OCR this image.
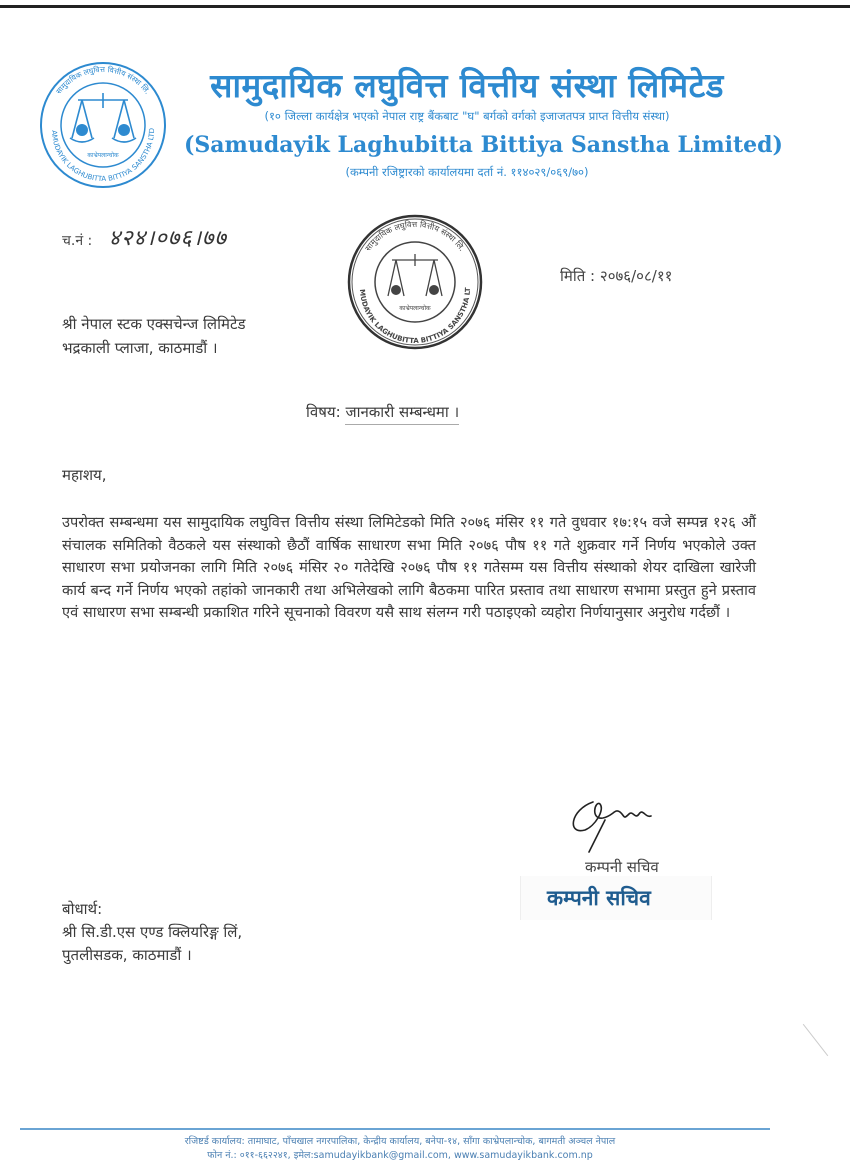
सामुदायिक लघुवित्त वित्तीय संस्था लि.
AMUDAYIK LAGHUBITTA BITTIYA SANSTHA LTD
काभ्रेपलान्चोक
सामुदायिक लघुवित्त वित्तीय संस्था लिमिटेड
(१० जिल्ला कार्यक्षेत्र भएको नेपाल राष्ट्र बैंकबाट "घ" बर्गको वर्गको इजाजतपत्र प्राप्त वित्तीय संस्था)
(Samudayik Laghubitta Bittiya Sanstha Limited)
(कम्पनी रजिष्ट्रारको कार्यालयमा दर्ता नं. ११४०२९/०६९/७०)
च.नं : ४२४।०७६।७७	सामुदायिक लघुवित्त वित्तीय संस्था लि.
MUDAYIK LAGHUBITTA BITTIYA SANSTHA LT
काभ्रेपलान्चोक
मिति : २०७६/०८/११
श्री नेपाल स्टक एक्सचेन्ज लिमिटेड
भद्रकाली प्लाजा, काठमाडौं ।
विषय: जानकारी सम्बन्धमा ।
महाशय,
उपरोक्त सम्बन्धमा यस सामुदायिक लघुवित्त वित्तीय संस्था लिमिटेडको मिति २०७६ मंसिर ११ गते वुधवार १७:१५ वजे सम्पन्न १२६ औं संचालक समितिको वैठकले यस संस्थाको छैठौं वार्षिक साधारण सभा मिति २०७६ पौष ११ गते शुक्रवार गर्ने निर्णय भएकोले उक्त साधारण सभा प्रयोजनका लागि मिति २०७६ मंसिर २० गतेदेखि २०७६ पौष ११ गतेसम्म यस वित्तीय संस्थाको शेयर दाखिला खारेजी कार्य बन्द गर्ने निर्णय भएको तहांको जानकारी तथा अभिलेखको लागि बैठकमा पारित प्रस्ताव तथा साधारण सभामा प्रस्तुत हुने प्रस्ताव एवं साधारण सभा सम्बन्धी प्रकाशित गरिने सूचनाको विवरण यसै साथ संलग्न गरी पठाइएको व्यहोरा निर्णयानुसार अनुरोध गर्दछौं ।
कम्पनी सचिव
कम्पनी सचिव
बोधार्थ:
श्री सि.डी.एस एण्ड क्लियरिङ्ग लिं,
पुतलीसडक, काठमाडौं ।
रजिष्टर्ड कार्यालय: तामाघाट, पाँचखाल नगरपालिका, केन्द्रीय कार्यालय, बनेपा-१४, साँगा काभ्रेपलान्चोक, बागमती अञ्चल नेपाल
फोन नं.: ०११-६६२२४१, इमेल:samudayikbank@gmail.com, www.samudayikbank.com.np
